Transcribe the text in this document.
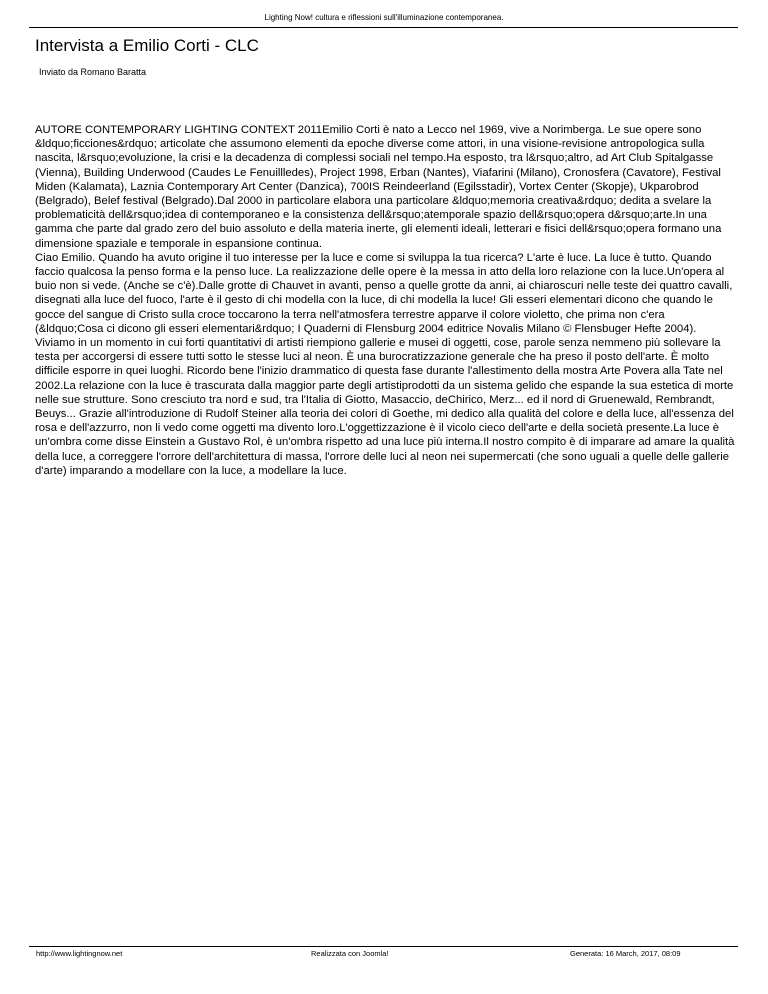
Lighting Now! cultura e riflessioni sull'illuminazione contemporanea.
Intervista a Emilio Corti - CLC
Inviato da Romano Baratta

AUTORE CONTEMPORARY LIGHTING CONTEXT 2011Emilio Corti è nato a Lecco nel 1969, vive a Norimberga. Le sue opere sono &ldquo;ficciones&rdquo; articolate che assumono elementi da epoche diverse come attori, in una visione-revisione antropologica sulla nascita, l&rsquo;evoluzione, la crisi e la decadenza di complessi sociali nel tempo.Ha esposto, tra l&rsquo;altro, ad Art Club Spitalgasse (Vienna), Building Underwood (Caudes Le Fenuillledes), Project 1998, Erban (Nantes), Viafarini (Milano), Cronosfera (Cavatore), Festival Miden (Kalamata), Laznia Contemporary Art Center (Danzica), 700IS Reindeerland (Egilsstadir), Vortex Center (Skopje), Ukparobrod (Belgrado), Belef festival (Belgrado).Dal 2000 in particolare elabora una particolare &ldquo;memoria creativa&rdquo; dedita a svelare la problematicità dell&rsquo;idea di contemporaneo e la consistenza dell&rsquo;atemporale spazio dell&rsquo;opera d&rsquo;arte.In una gamma che parte dal grado zero del buio assoluto e della materia inerte, gli elementi ideali, letterari e fisici dell&rsquo;opera formano una dimensione spaziale e temporale in espansione continua.

Ciao Emilio. Quando ha avuto origine il tuo interesse per la luce e come si sviluppa la tua ricerca? L'arte è luce. La luce è tutto. Quando faccio qualcosa la penso forma e la penso luce. La realizzazione delle opere è la messa in atto della loro relazione con la luce.Un'opera al buio non si vede. (Anche se c'è).Dalle grotte di Chauvet in avanti, penso a quelle grotte da anni, ai chiaroscuri nelle teste dei quattro cavalli, disegnati alla luce del fuoco, l'arte è il gesto di chi modella con la luce, di chi modella la luce! Gli esseri elementari dicono che quando le gocce del sangue di Cristo sulla croce toccarono la terra nell'atmosfera terrestre apparve il colore violetto, che prima non c'era (&ldquo;Cosa ci dicono gli esseri elementari&rdquo; I Quaderni di Flensburg 2004 editrice Novalis Milano © Flensbuger Hefte 2004). Viviamo in un momento in cui forti quantitativi di artisti riempiono gallerie e musei di oggetti, cose, parole senza nemmeno più sollevare la testa per accorgersi di essere tutti sotto le stesse luci al neon. È una burocratizzazione generale che ha preso il posto dell'arte. È molto difficile esporre in quei luoghi. Ricordo bene l'inizio drammatico di questa fase durante l'allestimento della mostra Arte Povera alla Tate nel 2002.La relazione con la luce è trascurata dalla maggior parte degli artistiprodotti da un sistema gelido che espande la sua estetica di morte nelle sue strutture. Sono cresciuto tra nord e sud, tra l'Italia di Giotto, Masaccio, deChirico, Merz... ed il nord di Gruenewald, Rembrandt, Beuys... Grazie all'introduzione di Rudolf Steiner alla teoria dei colori di Goethe, mi dedico alla qualità del colore e della luce, all'essenza del rosa e dell'azzurro, non li vedo come oggetti ma divento loro.L'oggettizzazione è il vicolo cieco dell'arte e della società presente.La luce è un'ombra come disse Einstein a Gustavo Rol, è un'ombra rispetto ad una luce più interna.Il nostro compito è di imparare ad amare la qualità della luce, a correggere l'orrore dell'architettura di massa, l'orrore delle luci al neon nei supermercati (che sono uguali a quelle delle gallerie d'arte) imparando a modellare con la luce, a modellare la luce.

http://www.lightingnow.net	Realizzata con Joomla!	Generata: 16 March, 2017, 08:09
